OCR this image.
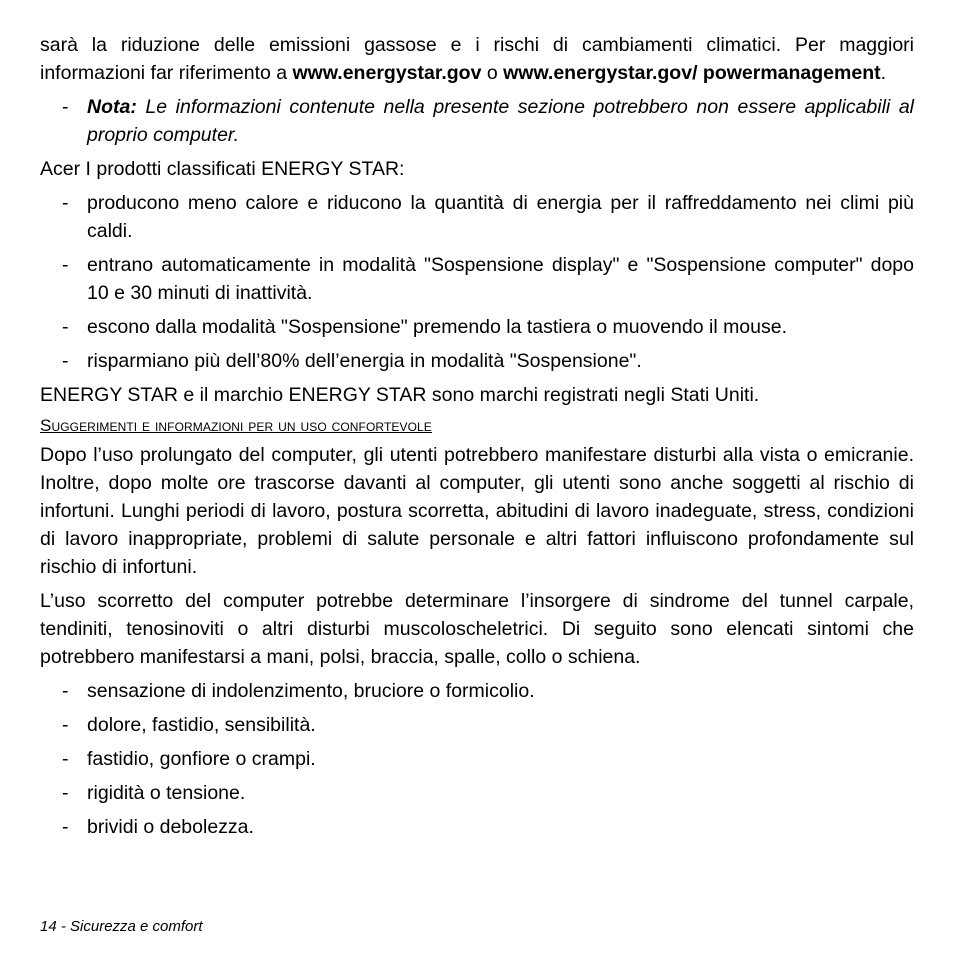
sarà la riduzione delle emissioni gassose e i rischi di cambiamenti climatici. Per maggiori informazioni far riferimento a www.energystar.gov o www.energystar.gov/ powermanagement.

- Nota: Le informazioni contenute nella presente sezione potrebbero non essere applicabili al proprio computer.

Acer I prodotti classificati ENERGY STAR:

- producono meno calore e riducono la quantità di energia per il raffreddamento nei climi più caldi.
- entrano automaticamente in modalità "Sospensione display" e "Sospensione computer" dopo 10 e 30 minuti di inattività.
- escono dalla modalità "Sospensione" premendo la tastiera o muovendo il mouse.
- risparmiano più dell’80% dell’energia in modalità "Sospensione".

ENERGY STAR e il marchio ENERGY STAR sono marchi registrati negli Stati Uniti.

Suggerimenti e informazioni per un uso confortevole

Dopo l’uso prolungato del computer, gli utenti potrebbero manifestare disturbi alla vista o emicranie. Inoltre, dopo molte ore trascorse davanti al computer, gli utenti sono anche soggetti al rischio di infortuni. Lunghi periodi di lavoro, postura scorretta, abitudini di lavoro inadeguate, stress, condizioni di lavoro inappropriate, problemi di salute personale e altri fattori influiscono profondamente sul rischio di infortuni.

L’uso scorretto del computer potrebbe determinare l’insorgere di sindrome del tunnel carpale, tendiniti, tenosinoviti o altri disturbi muscoloscheletrici. Di seguito sono elencati sintomi che potrebbero manifestarsi a mani, polsi, braccia, spalle, collo o schiena.

- sensazione di indolenzimento, bruciore o formicolio.
- dolore, fastidio, sensibilità.
- fastidio, gonfiore o crampi.
- rigidità o tensione.
- brividi o debolezza.
14 - Sicurezza e comfort
